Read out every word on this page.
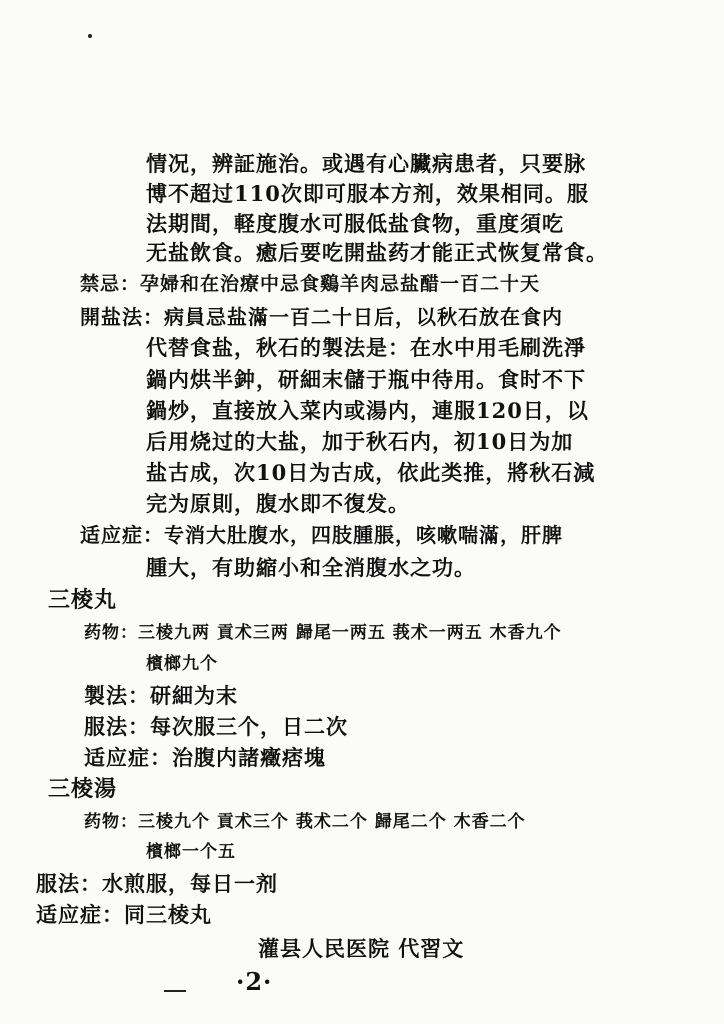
情况，辨証施治。或遇有心臟病患者，只要脉
博不超过110次即可服本方剂，效果相同。服
法期間，軽度腹水可服低盐食物，重度須吃
无盐飲食。癒后要吃開盐药才能正式恢复常食。
禁忌：孕婦和在治療中忌食鷄羊肉忌盐醋一百二十天
開盐法：病員忌盐滿一百二十日后，以秋石放在食内
代替食盐，秋石的製法是：在水中用毛刷洗淨
鍋内烘半鈡，研細末儲于瓶中待用。食时不下
鍋炒，直接放入菜内或湯内，連服120日，以
后用烧过的大盐，加于秋石内，初10日为加
盐古成，次10日为古成，依此类推，將秋石減
完为原則，腹水即不復发。
适应症：专消大肚腹水，四肢腫脹，咳嗽喘滿，肝脾
腫大，有助縮小和全消腹水之功。
三棱丸
药物：三棱九两 貢术三两 歸尾一两五 莪术一两五 木香九个
檳榔九个
製法：研細为末
服法：每次服三个，日二次
适应症：治腹内諸癥痞塊
三棱湯
药物：三棱九个 貢术三个 莪术二个 歸尾二个 木香二个
檳榔一个五
服法：水煎服，每日一剂
适应症：同三棱丸
灌县人民医院 代習文
·2·
